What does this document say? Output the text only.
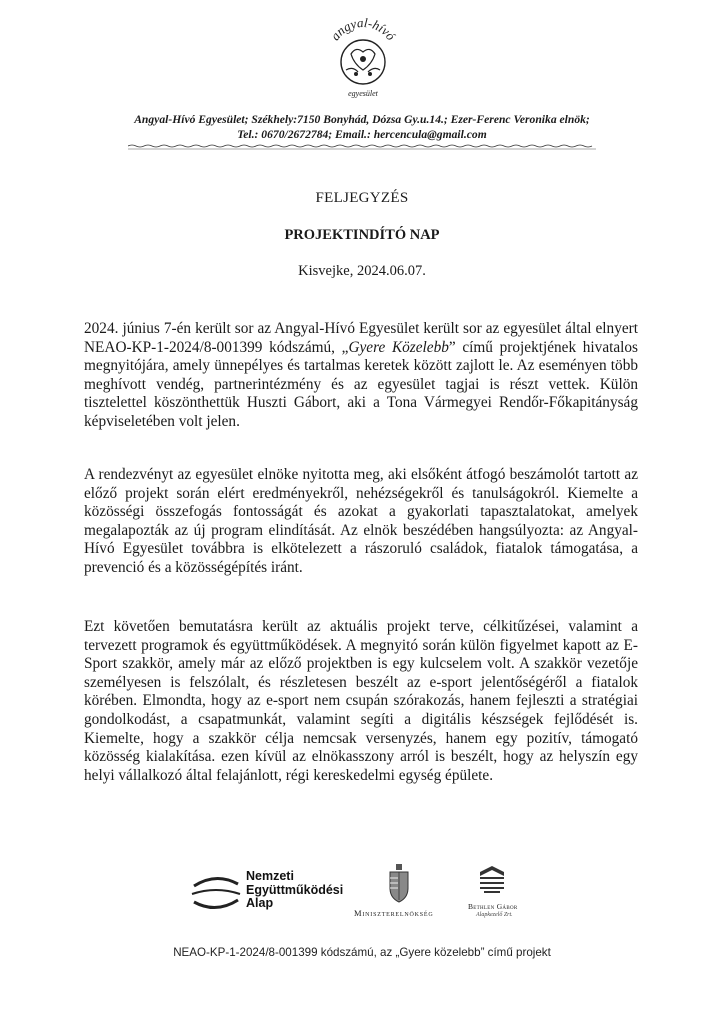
angyal-hívó
egyesület
Angyal-Hívó Egyesület; Székhely:7150 Bonyhád, Dózsa Gy.u.14.; Ezer-Ferenc Veronika elnök;
Tel.: 0670/2672784; Email.: hercencula@gmail.com
FELJEGYZÉS
PROJEKTINDÍTÓ NAP
Kisvejke, 2024.06.07.

2024. június 7-én került sor az Angyal-Hívó Egyesület került sor az egyesület által elnyert NEAO-KP-1-2024/8-001399 kódszámú, „Gyere Közelebb” című projektjének hivatalos megnyitójára, amely ünnepélyes és tartalmas keretek között zajlott le. Az eseményen több meghívott vendég, partnerintézmény és az egyesület tagjai is részt vettek. Külön tisztelettel köszönthettük Huszti Gábort, aki a Tona Vármegyei Rendőr-Főkapitányság képviseletében volt jelen.

A rendezvényt az egyesület elnöke nyitotta meg, aki elsőként átfogó beszámolót tartott az előző projekt során elért eredményekről, nehézségekről és tanulságokról. Kiemelte a közösségi összefogás fontosságát és azokat a gyakorlati tapasztalatokat, amelyek megalapozták az új program elindítását. Az elnök beszédében hangsúlyozta: az Angyal-Hívó Egyesület továbbra is elkötelezett a rászoruló családok, fiatalok támogatása, a prevenció és a közösségépítés iránt.

Ezt követően bemutatásra került az aktuális projekt terve, célkitűzései, valamint a tervezett programok és együttműködések. A megnyitó során külön figyelmet kapott az E-Sport szakkör, amely már az előző projektben is egy kulcselem volt. A szakkör vezetője személyesen is felszólalt, és részletesen beszélt az e-sport jelentőségéről a fiatalok körében. Elmondta, hogy az e-sport nem csupán szórakozás, hanem fejleszti a stratégiai gondolkodást, a csapatmunkát, valamint segíti a digitális készségek fejlődését is. Kiemelte, hogy a szakkör célja nemcsak versenyzés, hanem egy pozitív, támogató közösség kialakítása. ezen kívül az elnökasszony arról is beszélt, hogy az helyszín egy helyi vállalkozó által felajánlott, régi kereskedelmi egység épülete.

Nemzeti
Együttműködési
Alap
Miniszterelnökség
Bethlen Gábor
Alapkezelő Zrt.
NEAO-KP-1-2024/8-001399 kódszámú, az „Gyere közelebb” című projekt
